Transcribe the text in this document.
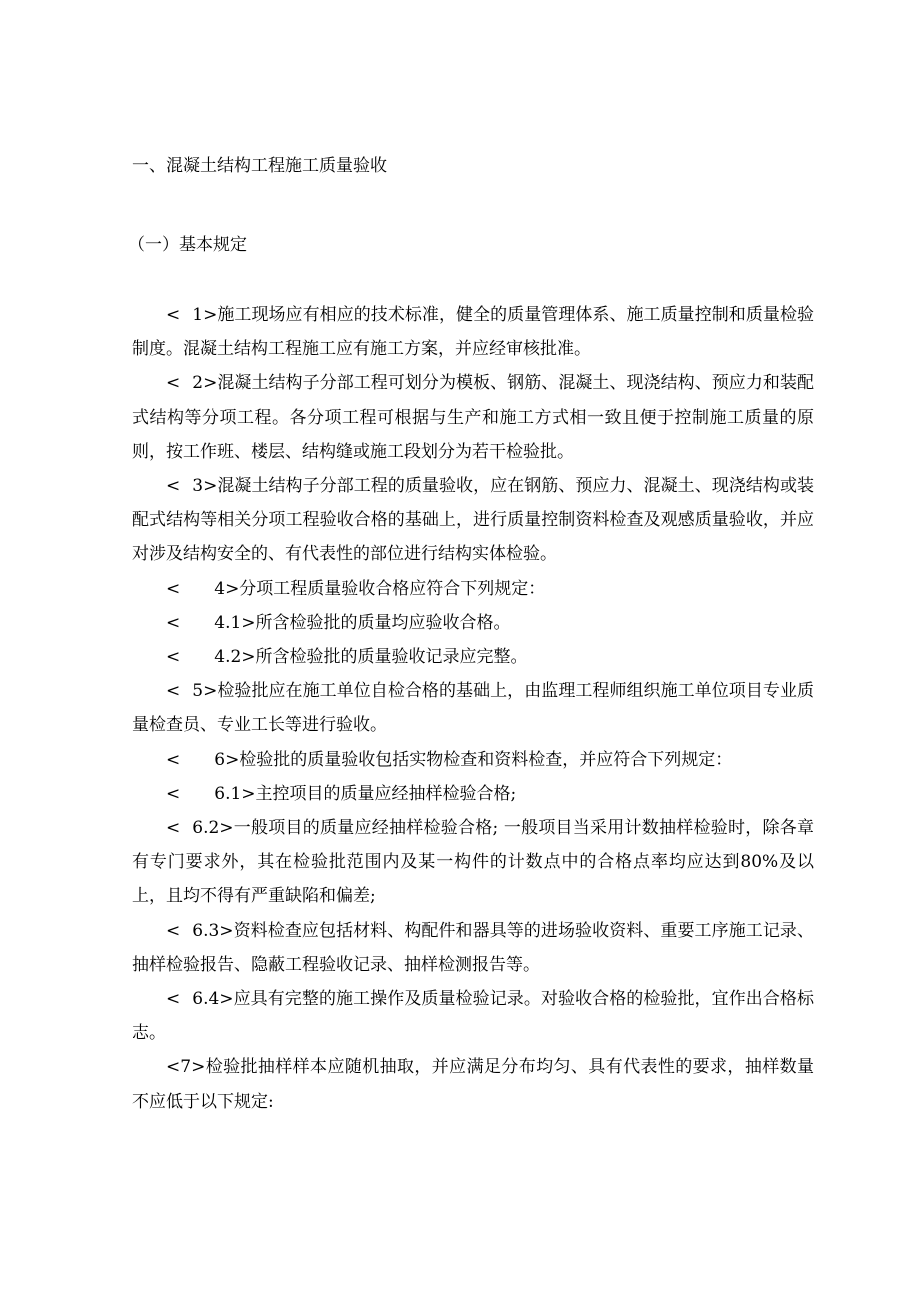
一、混凝土结构工程施工质量验收
（一）基本规定

< 1>施工现场应有相应的技术标准，健全的质量管理体系、施工质量控制和质量检验制度。混凝土结构工程施工应有施工方案，并应经审核批准。

< 2>混凝土结构子分部工程可划分为模板、钢筋、混凝土、现浇结构、预应力和装配式结构等分项工程。各分项工程可根据与生产和施工方式相一致且便于控制施工质量的原则，按工作班、楼层、结构缝或施工段划分为若干检验批。

< 3>混凝土结构子分部工程的质量验收，应在钢筋、预应力、混凝土、现浇结构或装配式结构等相关分项工程验收合格的基础上，进行质量控制资料检查及观感质量验收，并应对涉及结构安全的、有代表性的部位进行结构实体检验。

< 4>分项工程质量验收合格应符合下列规定：

< 4.1>所含检验批的质量均应验收合格。

< 4.2>所含检验批的质量验收记录应完整。

< 5>检验批应在施工单位自检合格的基础上，由监理工程师组织施工单位项目专业质量检查员、专业工长等进行验收。

< 6>检验批的质量验收包括实物检查和资料检查，并应符合下列规定：

< 6.1>主控项目的质量应经抽样检验合格;

< 6.2>一般项目的质量应经抽样检验合格; 一般项目当采用计数抽样检验时，除各章有专门要求外，其在检验批范围内及某一构件的计数点中的合格点率均应达到80%及以上，且均不得有严重缺陷和偏差;

< 6.3>资料检查应包括材料、构配件和器具等的进场验收资料、重要工序施工记录、抽样检验报告、隐蔽工程验收记录、抽样检测报告等。

< 6.4>应具有完整的施工操作及质量检验记录。对验收合格的检验批，宜作出合格标志。

<7>检验批抽样样本应随机抽取，并应满足分布均匀、具有代表性的要求，抽样数量不应低于以下规定:
